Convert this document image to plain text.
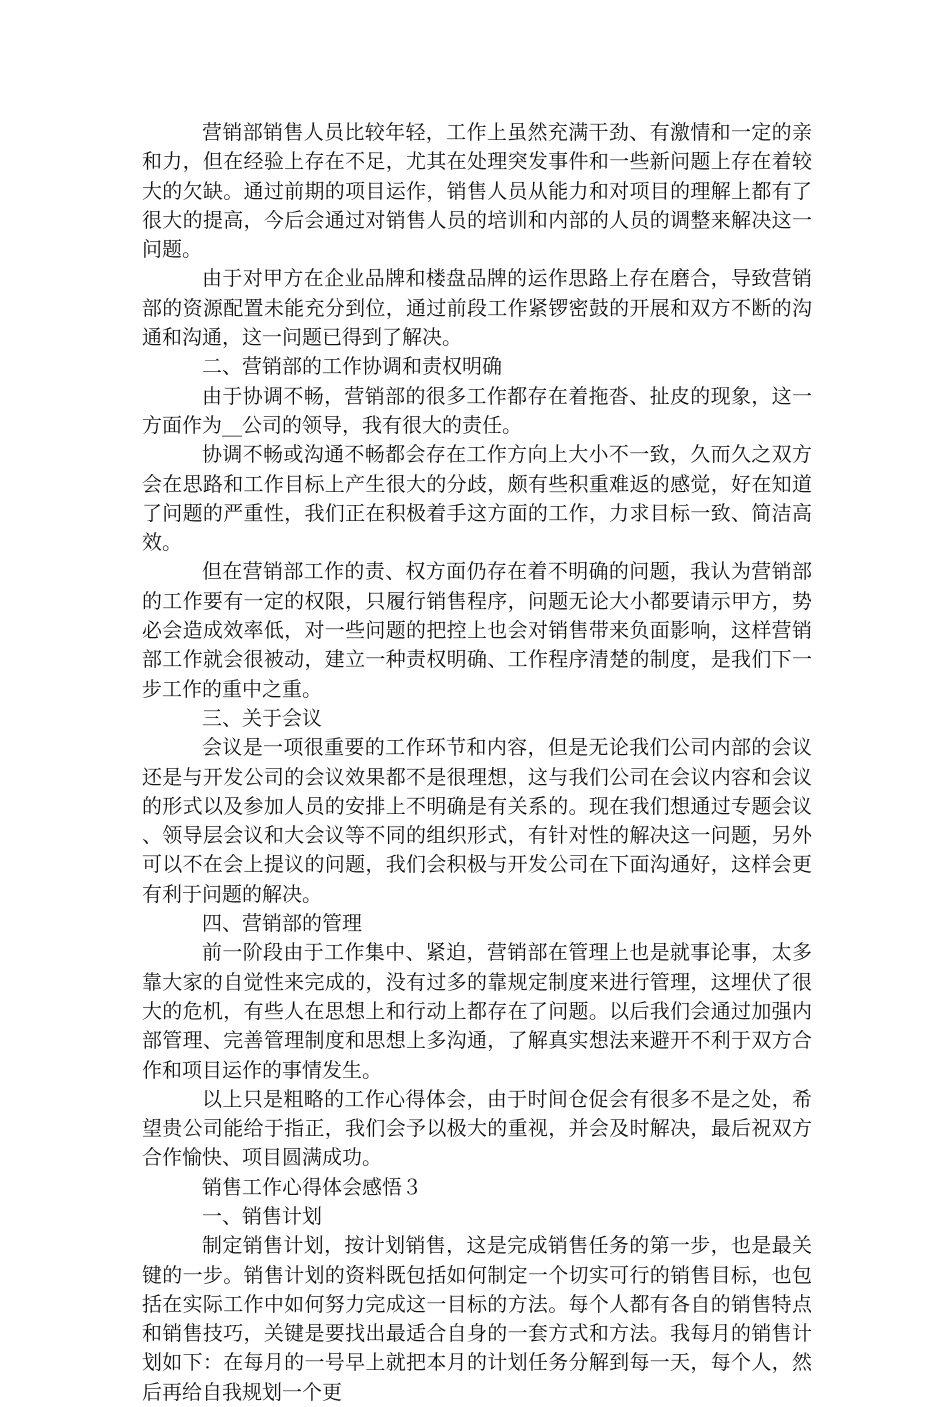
营销部销售人员比较年轻，工作上虽然充满干劲、有激情和一定的亲和力，但在经验上存在不足，尤其在处理突发事件和一些新问题上存在着较大的欠缺。通过前期的项目运作，销售人员从能力和对项目的理解上都有了很大的提高，今后会通过对销售人员的培训和内部的人员的调整来解决这一问题。

由于对甲方在企业品牌和楼盘品牌的运作思路上存在磨合，导致营销部的资源配置未能充分到位，通过前段工作紧锣密鼓的开展和双方不断的沟通和沟通，这一问题已得到了解决。

二、营销部的工作协调和责权明确

由于协调不畅，营销部的很多工作都存在着拖沓、扯皮的现象，这一方面作为__公司的领导，我有很大的责任。

协调不畅或沟通不畅都会存在工作方向上大小不一致，久而久之双方会在思路和工作目标上产生很大的分歧，颇有些积重难返的感觉，好在知道了问题的严重性，我们正在积极着手这方面的工作，力求目标一致、简洁高效。

但在营销部工作的责、权方面仍存在着不明确的问题，我认为营销部的工作要有一定的权限，只履行销售程序，问题无论大小都要请示甲方，势必会造成效率低，对一些问题的把控上也会对销售带来负面影响，这样营销部工作就会很被动，建立一种责权明确、工作程序清楚的制度，是我们下一步工作的重中之重。

三、关于会议

会议是一项很重要的工作环节和内容，但是无论我们公司内部的会议还是与开发公司的会议效果都不是很理想，这与我们公司在会议内容和会议的形式以及参加人员的安排上不明确是有关系的。现在我们想通过专题会议、领导层会议和大会议等不同的组织形式，有针对性的解决这一问题，另外可以不在会上提议的问题，我们会积极与开发公司在下面沟通好，这样会更有利于问题的解决。

四、营销部的管理

前一阶段由于工作集中、紧迫，营销部在管理上也是就事论事，太多靠大家的自觉性来完成的，没有过多的靠规定制度来进行管理，这埋伏了很大的危机，有些人在思想上和行动上都存在了问题。以后我们会通过加强内部管理、完善管理制度和思想上多沟通，了解真实想法来避开不利于双方合作和项目运作的事情发生。

以上只是粗略的工作心得体会，由于时间仓促会有很多不是之处，希望贵公司能给于指正，我们会予以极大的重视，并会及时解决，最后祝双方合作愉快、项目圆满成功。

销售工作心得体会感悟３

一、销售计划

制定销售计划，按计划销售，这是完成销售任务的第一步，也是最关键的一步。销售计划的资料既包括如何制定一个切实可行的销售目标，也包括在实际工作中如何努力完成这一目标的方法。每个人都有各自的销售特点和销售技巧，关键是要找出最适合自身的一套方式和方法。我每月的销售计划如下：在每月的一号早上就把本月的计划任务分解到每一天，每个人，然后再给自我规划一个更
